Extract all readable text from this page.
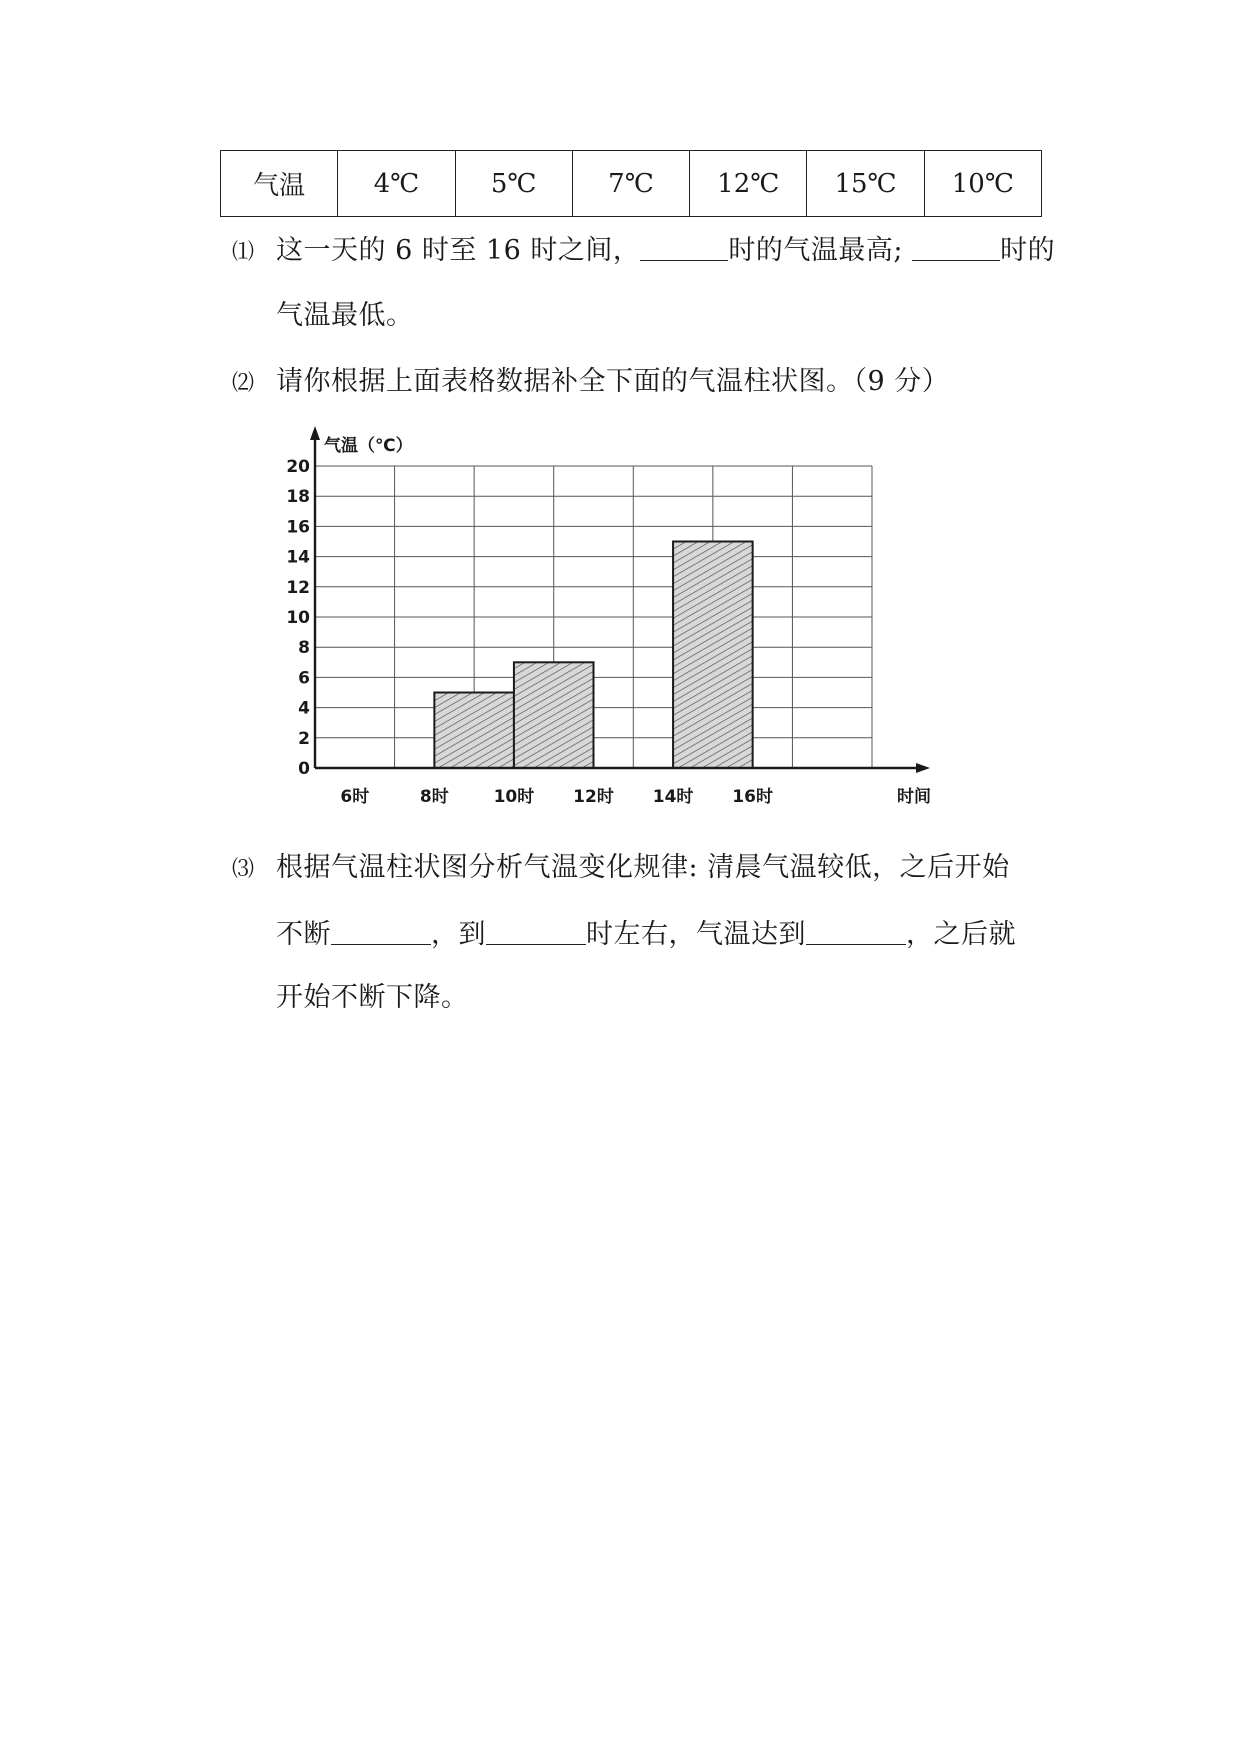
气温	4℃	5℃	7℃	12℃	15℃	10℃
⑴ 这一天的 6 时至 16 时之间，	时的气温最高;	时的
气温最低。
⑵ 请你根据上面表格数据补全下面的气温柱状图。（9 分）
0
2
4
6
8
10
12
14
16
18
20
6时	8时	10时 12时 14时 16时
气温（℃）
时间
⑶ 根据气温柱状图分析气温变化规律: 清晨气温较低，之后开始
不断	，到	时左右，气温达到	，之后就
开始不断下降。
